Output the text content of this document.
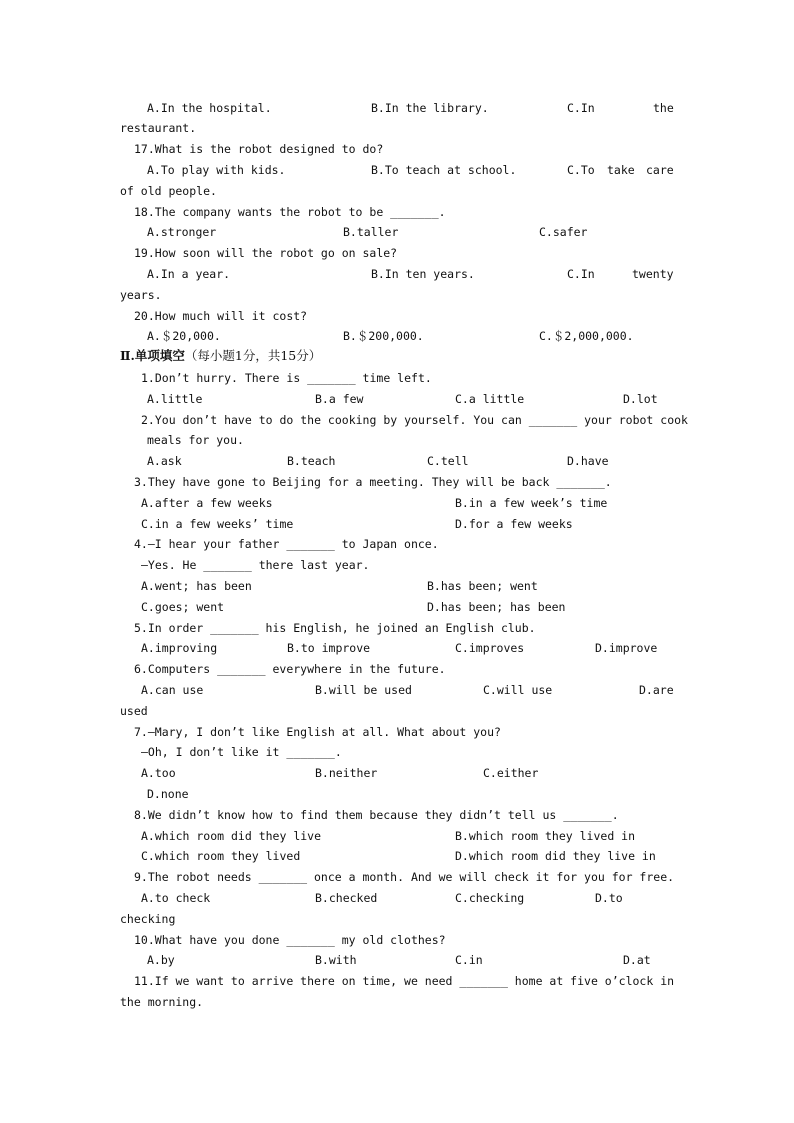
A.In the hospital.	B.In the library.	C.In	the
restaurant.
17.What is the robot designed to do?
A.To play with kids.	B.To teach at school.	C.To take care
of old people.
18.The company wants the robot to be _______.
A.stronger	B.taller	C.safer
19.How soon will the robot go on sale?
A.In a year.	B.In ten years.	C.In	twenty
years.
20.How much will it cost?
A.＄20,000.	B.＄200,000.	C.＄2,000,000.
Ⅱ.单项填空（每小题1分，共15分）
1.Don’t hurry. There is _______ time left.
A.little	B.a few	C.a little	D.lot
2.You don’t have to do the cooking by yourself. You can _______ your robot cook
meals for you.
A.ask	B.teach	C.tell	D.have
3.They have gone to Beijing for a meeting. They will be back _______.
A.after a few weeks	B.in a few week’s time
C.in a few weeks’ time	D.for a few weeks
4.—I hear your father _______ to Japan once.
—Yes. He _______ there last year.
A.went; has been	B.has been; went
C.goes; went	D.has been; has been
5.In order _______ his English, he joined an English club.
A.improving	B.to improve	C.improves	D.improve
6.Computers _______ everywhere in the future.
A.can use	B.will be used	C.will use	D.are
used
7.—Mary, I don’t like English at all. What about you?
—Oh, I don’t like it _______.
A.too	B.neither	C.either
D.none
8.We didn’t know how to find them because they didn’t tell us _______.
A.which room did they live	B.which room they lived in
C.which room they lived	D.which room did they live in
9.The robot needs _______ once a month. And we will check it for you for free.
A.to check	B.checked	C.checking	D.to
checking
10.What have you done _______ my old clothes?
A.by	B.with	C.in	D.at
11.If we want to arrive there on time, we need _______ home at five o’clock in
the morning.
